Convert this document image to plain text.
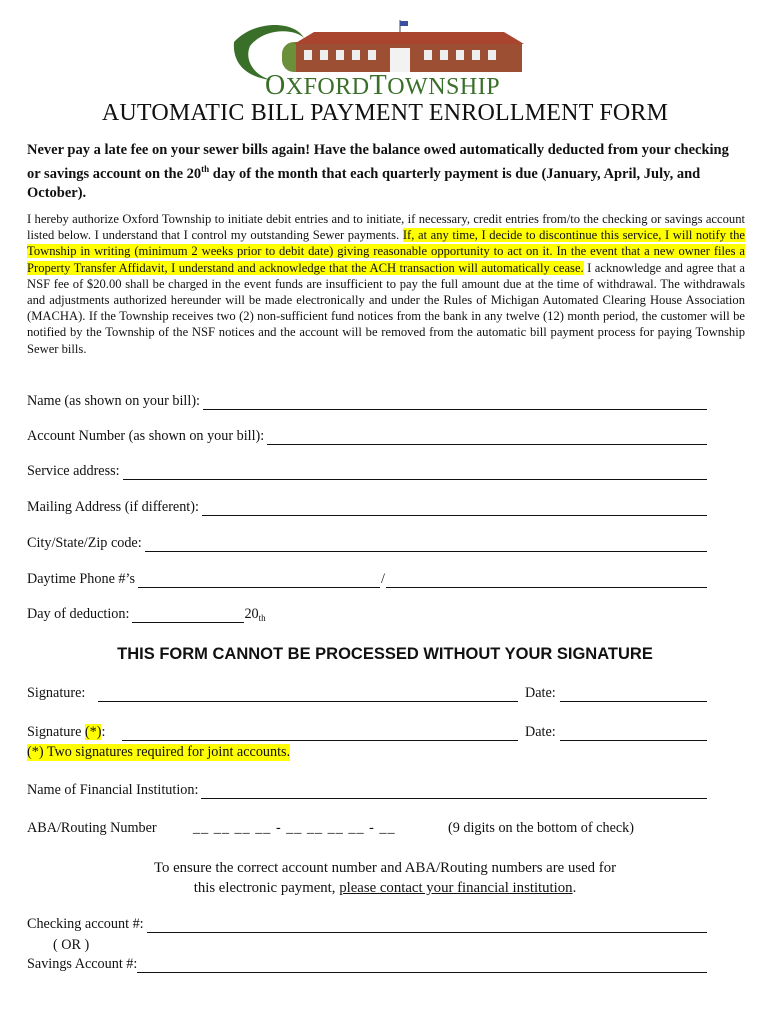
OXFORDTOWNSHIP
AUTOMATIC BILL PAYMENT ENROLLMENT FORM

Never pay a late fee on your sewer bills again! Have the balance owed automatically deducted from your checking or savings account on the 20th day of the month that each quarterly payment is due (January, April, July, and October).

I hereby authorize Oxford Township to initiate debit entries and to initiate, if necessary, credit entries from/to the checking or savings account listed below. I understand that I control my outstanding Sewer payments. If, at any time, I decide to discontinue this service, I will notify the Township in writing (minimum 2 weeks prior to debit date) giving reasonable opportunity to act on it. In the event that a new owner files a Property Transfer Affidavit, I understand and acknowledge that the ACH transaction will automatically cease. I acknowledge and agree that a NSF fee of $20.00 shall be charged in the event funds are insufficient to pay the full amount due at the time of withdrawal. The withdrawals and adjustments authorized hereunder will be made electronically and under the Rules of Michigan Automated Clearing House Association (MACHA). If the Township receives two (2) non-sufficient fund notices from the bank in any twelve (12) month period, the customer will be notified by the Township of the NSF notices and the account will be removed from the automatic bill payment process for paying Township Sewer bills.

Name (as shown on your bill):
Account Number (as shown on your bill):
Service address:
Mailing Address (if different):
City/State/Zip code:
Daytime Phone #’s	/
Day of deduction:	$20_{th}$
THIS FORM CANNOT BE PROCESSED WITHOUT YOUR SIGNATURE
Signature:	Date:
Signature (*):	Date:
(*) Two signatures required for joint accounts.
Name of Financial Institution:
ABA/Routing Number	__ __ __ __ - __ __ __ __ - __	(9 digits on the bottom of check)
To ensure the correct account number and ABA/Routing numbers are used for
this electronic payment, please contact your financial institution.
Checking account #:
( OR )
Savings Account #:
